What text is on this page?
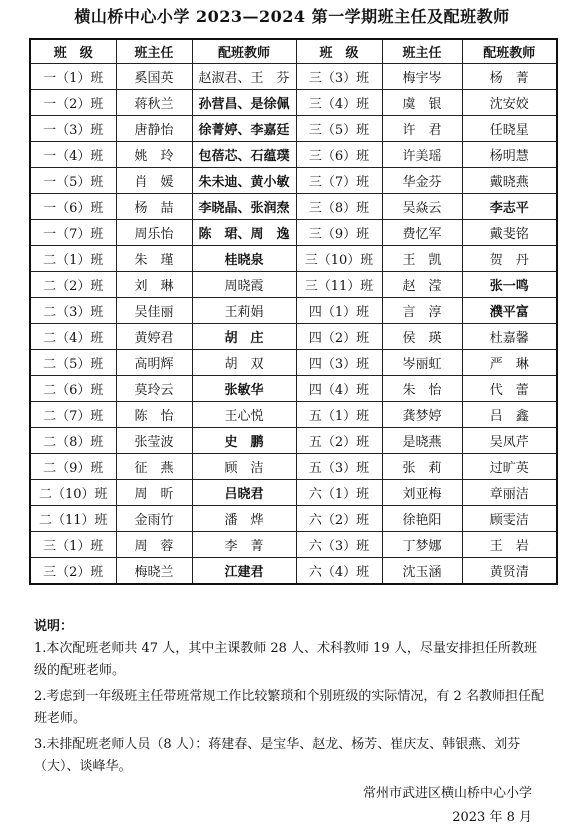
横山桥中心小学 2023—2024 第一学期班主任及配班教师
班　级	班主任	配班教师	班　级	班主任	配班教师
一（1）班	奚国英	赵淑君、王　芬	三（3）班	梅宇岑	杨　菁
一（2）班	蒋秋兰	孙营昌、是徐佩	三（4）班	虞　银	沈安姣
一（3）班	唐静怡	徐菁婷、李嘉廷	三（5）班	许　君	任晓星
一（4）班	姚　玲	包蓓芯、石蕴璞	三（6）班	许美瑶	杨明慧
一（5）班	肖　媛	朱未迪、黄小敏	三（7）班	华金芬	戴晓燕
一（6）班	杨　喆	李晓晶、张润焘	三（8）班	吴焱云	李志平
一（7）班	周乐怡	陈　珺、周　逸	三（9）班	费忆军	戴斐铭
二（1）班	朱　瑾	桂晓泉	三（10）班	王　凯	贺　丹
二（2）班	刘　琳	周晓霞	三（11）班	赵　滢	张一鸣
二（3）班	吴佳丽	王莉娟	四（1）班	言　淳	濮平富
二（4）班	黄婷君	胡　庄	四（2）班	侯　瑛	杜嘉馨
二（5）班	高明辉	胡　双	四（3）班	岑丽虹	严　琳
二（6）班	莫玲云	张敏华	四（4）班	朱　怡	代　蕾
二（7）班	陈　怡	王心悦	五（1）班	龚梦婷	吕　鑫
二（8）班	张莹波	史　鹏	五（2）班	是晓燕	吴凤芹
二（9）班	征　燕	顾　洁	五（3）班	张　莉	过旷英
二（10）班	周　昕	吕晓君	六（1）班	刘亚梅	章丽洁
二（11）班	金雨竹	潘　烨	六（2）班	徐艳阳	顾雯洁
三（1）班	周　蓉	李　菁	六（3）班	丁梦娜	王　岩
三（2）班	梅晓兰	江建君	六（4）班	沈玉涵	黄贤清
说明：

1.本次配班老师共 47 人，其中主课教师 28 人、术科教师 19 人，尽量安排担任所教班级的配班老师。

2.考虑到一年级班主任带班常规工作比较繁琐和个别班级的实际情况，有 2 名教师担任配班老师。

3.未排配班老师人员（8 人）：蒋建春、是宝华、赵龙、杨芳、崔庆友、韩银燕、刘芬（大）、谈峰华。

常州市武进区横山桥中心小学
2023 年 8 月
